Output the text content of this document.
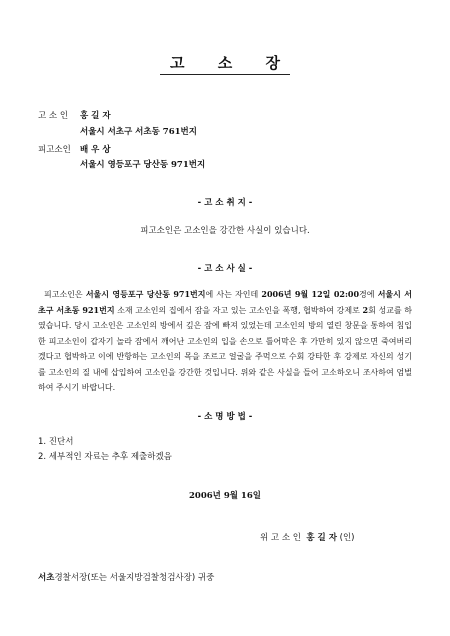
고 소 장
고 소 인 홍 길 자
서울시 서초구 서초동 761번지
피고소인 배 우 상
서울시 영등포구 당산동 971번지
- 고 소 취 지 -
피고소인은 고소인을 강간한 사실이 있습니다.
- 고 소 사 실 -
피고소인은 서울시 영등포구 당산동 971번지에 사는 자인데 2006년 9월 12일 02:00경에 서울시 서초구 서초동 921번지 소재 고소인의 집에서 잠을 자고 있는 고소인을 폭행, 협박하여 강제로 2회 성교를 하였습니다. 당시 고소인은 고소인의 방에서 깊은 잠에 빠져 있었는데 고소인의 방의 열린 창문을 통하여 침입한 피고소인이 갑자기 놀라 잠에서 깨어난 고소인의 입을 손으로 틀어막은 후 가만히 있지 않으면 죽여버리겠다고 협박하고 이에 반항하는 고소인의 목을 조르고 얼굴을 주먹으로 수회 강타한 후 강제로 자신의 성기를 고소인의 질 내에 삽입하여 고소인을 강간한 것입니다. 위와 같은 사실을 들어 고소하오니 조사하여 엄벌하여 주시기 바랍니다.
- 소 명 방 법 -
1. 진단서
2. 세부적인 자료는 추후 제출하겠음
2006년 9월 16일
위 고 소 인 홍 길 자 (인)
서초경찰서장(또는 서울지방검찰청검사장) 귀중
